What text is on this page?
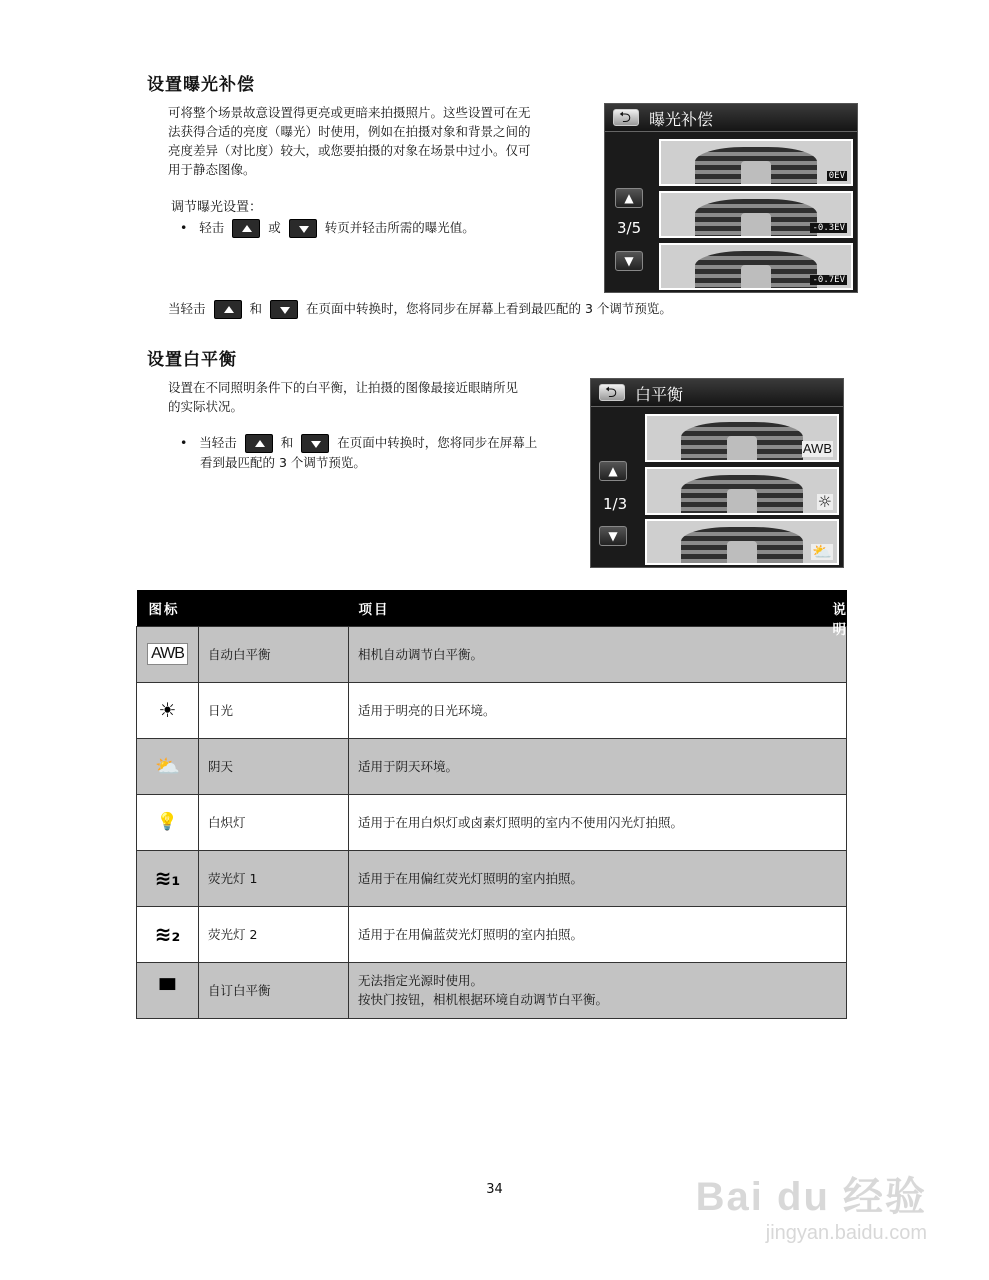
设置曝光补偿
可将整个场景故意设置得更亮或更暗来拍摄照片。这些设置可在无
法获得合适的亮度（曝光）时使用，例如在拍摄对象和背景之间的
亮度差异（对比度）较大，或您要拍摄的对象在场景中过小。仅可
用于静态图像。
调节曝光设置：
• 轻击	或	转页并轻击所需的曝光值。
当轻击	和	在页面中转换时，您将同步在屏幕上看到最匹配的 3 个调节预览。
⮌ 曝光补偿
▲
3/5
▼
0EV
-0.3EV
-0.7EV
设置白平衡
设置在不同照明条件下的白平衡，让拍摄的图像最接近眼睛所见
的实际状况。
• 当轻击	和	在页面中转换时，您将同步在屏幕上
看到最匹配的 3 个调节预览。
⮌ 白平衡
▲
1/3
▼
AWB
☼
⛅
图标	项目 说明	

AWB	自动白平衡	相机自动调节白平衡。
☀	日光	适用于明亮的日光环境。
⛅	阴天	适用于阴天环境。
💡	白炽灯	适用于在用白炽灯或卤素灯照明的室内不使用闪光灯拍照。
≋₁	荧光灯 1	适用于在用偏红荧光灯照明的室内拍照。
≋₂	荧光灯 2	适用于在用偏蓝荧光灯照明的室内拍照。
▀	自订白平衡	无法指定光源时使用。
按快门按钮，相机根据环境自动调节白平衡。
34	Bai du 经验
jingyan.baidu.com
